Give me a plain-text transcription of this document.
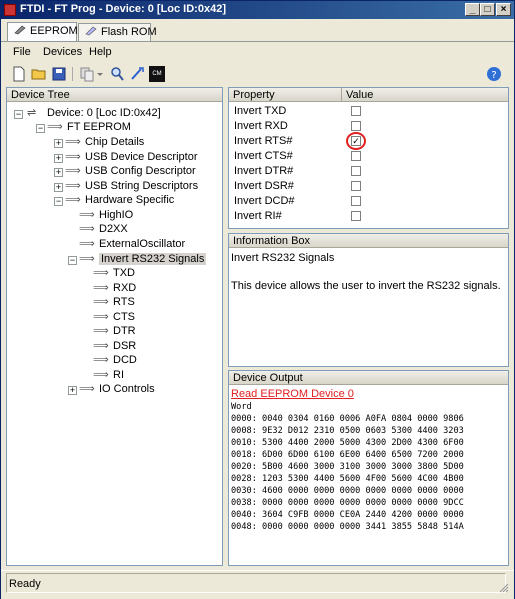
FTDI - FT Prog - Device: 0 [Loc ID:0x42]	_ □	×
EEPROM	Flash ROM
File Devices Help
CM	?
Device Tree
− ⇌ Device: 0 [Loc ID:0x42]
− ⟹ FT EEPROM
+ ⟹ Chip Details
+ ⟹ USB Device Descriptor
+ ⟹ USB Config Descriptor
+ ⟹ USB String Descriptors
− ⟹ Hardware Specific
⟹ HighIO
⟹ D2XX
⟹ ExternalOscillator
− ⟹ Invert RS232 Signals
⟹ TXD
⟹ RXD
⟹ RTS
⟹ CTS
⟹ DTR
⟹ DSR
⟹ DCD
⟹ RI
+ ⟹ IO Controls
Property	Value
Invert TXD
Invert RXD
Invert RTS#	✓
Invert CTS#
Invert DTR#
Invert DSR#
Invert DCD#
Invert RI#
Information Box
Invert RS232 Signals
This device allows the user to invert the RS232 signals.
Device Output
Read EEPROM Device 0
Word
0000: 0040 0304 0160 0006 A0FA 0804 0000 9806
0008: 9E32 D012 2310 0500 0603 5300 4400 3203
0010: 5300 4400 2000 5000 4300 2D00 4300 6F00
0018: 6D00 6D00 6100 6E00 6400 6500 7200 2000
0020: 5B00 4600 3000 3100 3000 3000 3800 5D00
0028: 1203 5300 4400 5600 4F00 5600 4C00 4B00
0030: 4600 0000 0000 0000 0000 0000 0000 0000
0038: 0000 0000 0000 0000 0000 0000 0000 9DCC
0040: 3604 C9FB 0000 CE0A 2440 4200 0000 0000
0048: 0000 0000 0000 0000 3441 3855 5848 514A
Ready
